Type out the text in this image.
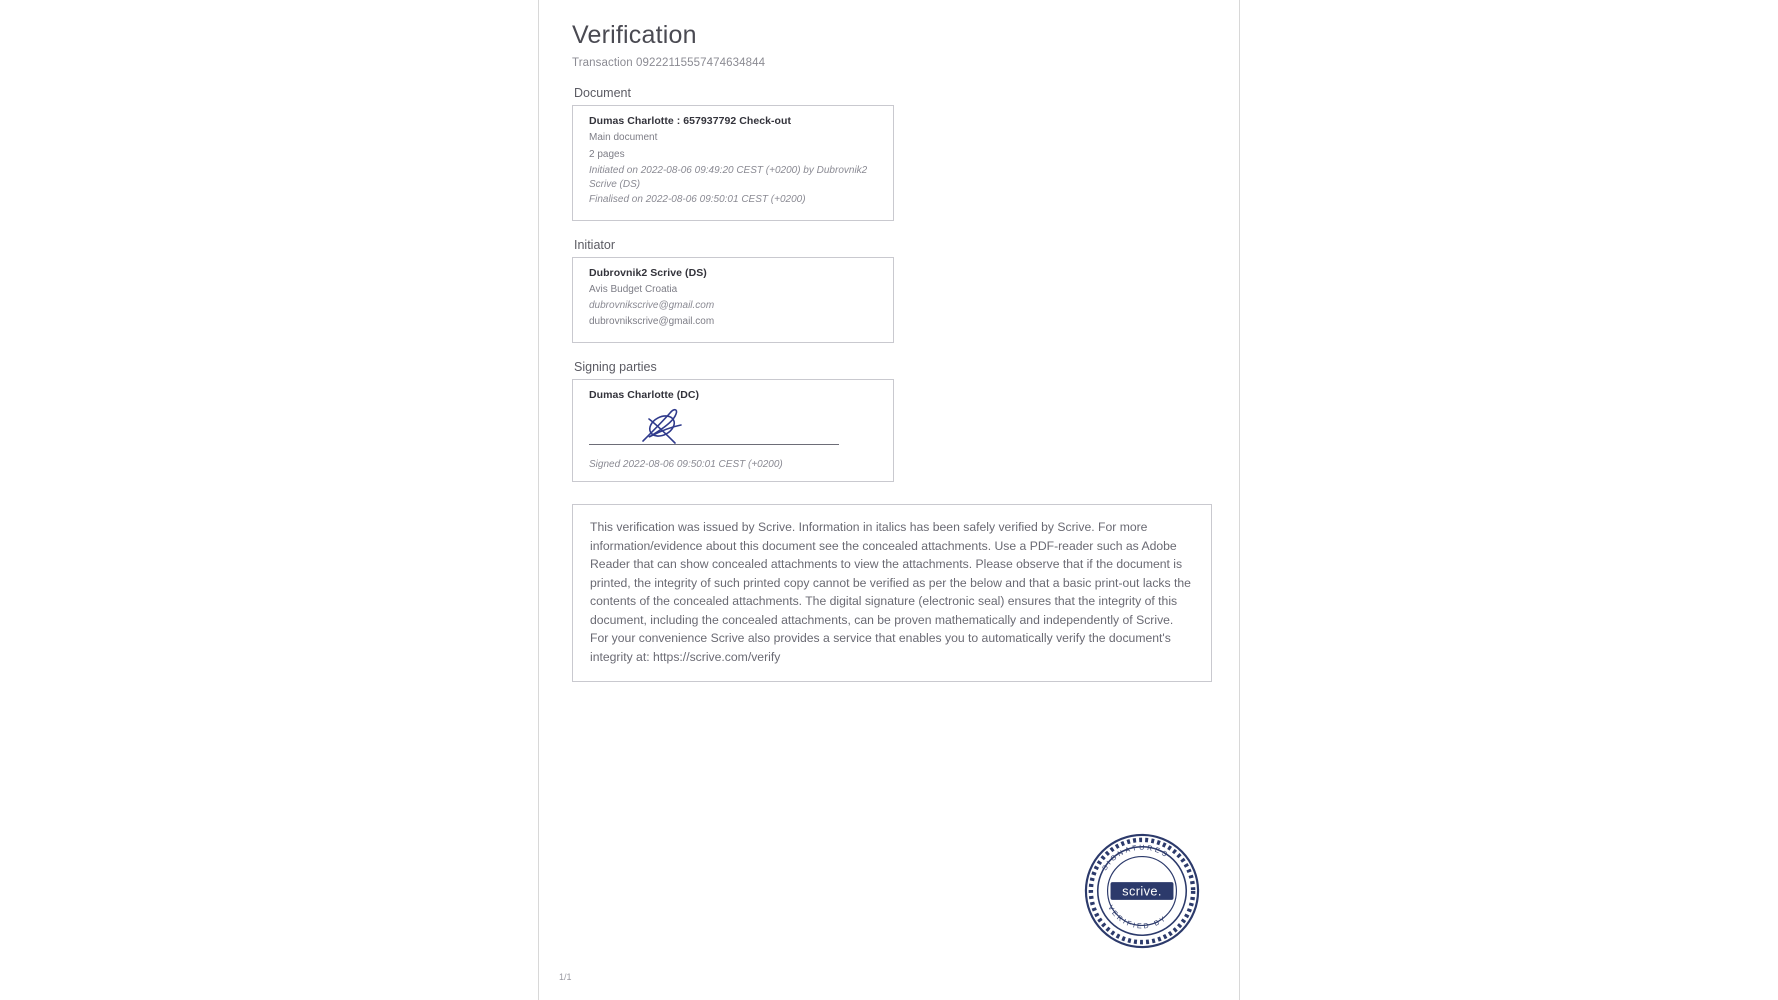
Verification
Transaction 09222115557474634844
Document
Dumas Charlotte : 657937792 Check-out
Main document
2 pages
Initiated on 2022-08-06 09:49:20 CEST (+0200) by Dubrovnik2 Scrive (DS)
Finalised on 2022-08-06 09:50:01 CEST (+0200)
Initiator
Dubrovnik2 Scrive (DS)
Avis Budget Croatia
dubrovnikscrive@gmail.com
dubrovnikscrive@gmail.com
Signing parties
Dumas Charlotte (DC)
Signed 2022-08-06 09:50:01 CEST (+0200)
This verification was issued by Scrive. Information in italics has been safely verified by Scrive. For more information/evidence about this document see the concealed attachments. Use a PDF-reader such as Adobe Reader that can show concealed attachments to view the attachments. Please observe that if the document is printed, the integrity of such printed copy cannot be verified as per the below and that a basic print-out lacks the contents of the concealed attachments. The digital signature (electronic seal) ensures that the integrity of this document, including the concealed attachments, can be proven mathematically and independently of Scrive. For your convenience Scrive also provides a service that enables you to automatically verify the document's integrity at: https://scrive.com/verify
1/1
SIGNATURES
VERIFIED BY
scrive.
